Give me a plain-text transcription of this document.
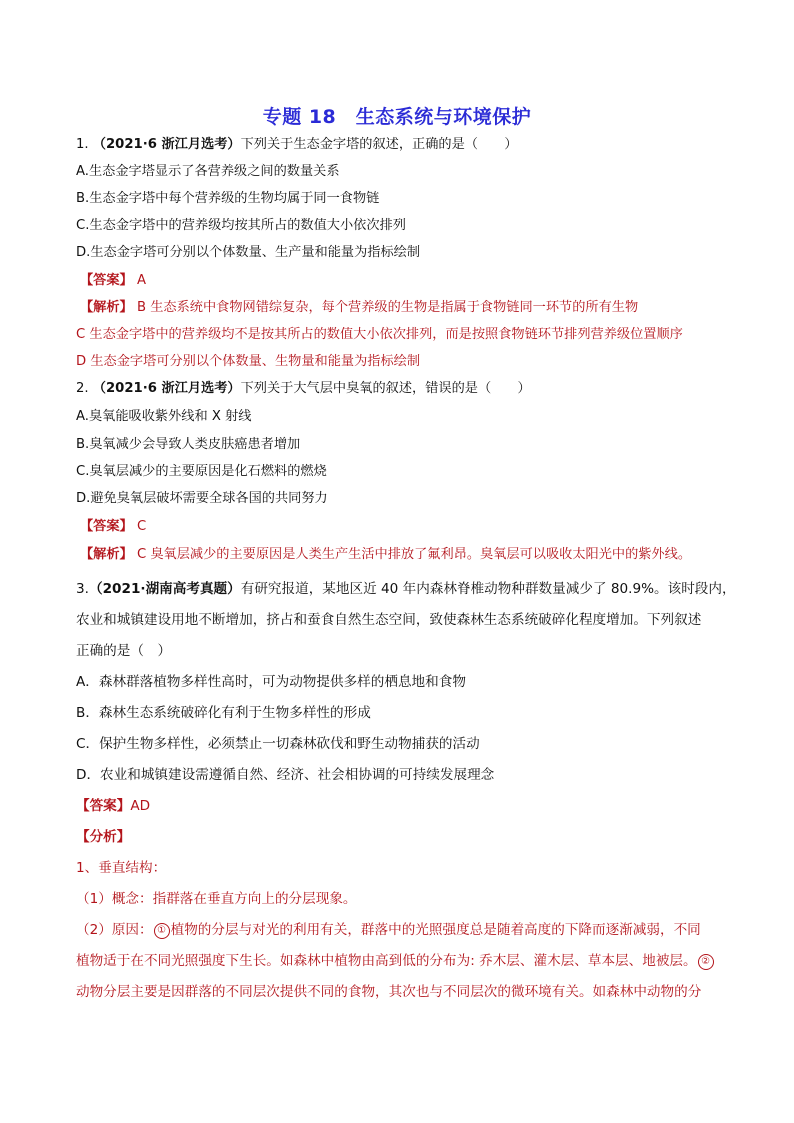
专题 18　生态系统与环境保护
1. （2021·6 浙江月选考）下列关于生态金字塔的叙述，正确的是（　　）
A.生态金字塔显示了各营养级之间的数量关系
B.生态金字塔中每个营养级的生物均属于同一食物链
C.生态金字塔中的营养级均按其所占的数值大小依次排列
D.生态金字塔可分别以个体数量、生产量和能量为指标绘制
【答案】 A
【解析】 B 生态系统中食物网错综复杂，每个营养级的生物是指属于食物链同一环节的所有生物
C 生态金字塔中的营养级均不是按其所占的数值大小依次排列，而是按照食物链环节排列营养级位置顺序
D 生态金字塔可分别以个体数量、生物量和能量为指标绘制
2. （2021·6 浙江月选考）下列关于大气层中臭氧的叙述，错误的是（　　）
A.臭氧能吸收紫外线和 X 射线
B.臭氧减少会导致人类皮肤癌患者增加
C.臭氧层减少的主要原因是化石燃料的燃烧
D.避免臭氧层破坏需要全球各国的共同努力
【答案】 C
【解析】 C 臭氧层减少的主要原因是人类生产生活中排放了氟利昂。臭氧层可以吸收太阳光中的紫外线。
3.（2021·湖南高考真题）有研究报道，某地区近 40 年内森林脊椎动物种群数量减少了 80.9%。该时段内，
农业和城镇建设用地不断增加，挤占和蚕食自然生态空间，致使森林生态系统破碎化程度增加。下列叙述
正确的是（　）
A．森林群落植物多样性高时，可为动物提供多样的栖息地和食物
B．森林生态系统破碎化有利于生物多样性的形成
C．保护生物多样性，必须禁止一切森林砍伐和野生动物捕获的活动
D．农业和城镇建设需遵循自然、经济、社会相协调的可持续发展理念
【答案】AD
【分析】
1、垂直结构：
（1）概念：指群落在垂直方向上的分层现象。
（2）原因： ① 植物的分层与对光的利用有关，群落中的光照强度总是随着高度的下降而逐渐减弱，不同
植物适于在不同光照强度下生长。如森林中植物由高到低的分布为: 乔木层、灌木层、草本层、地被层。 ②
动物分层主要是因群落的不同层次提供不同的食物，其次也与不同层次的微环境有关。如森林中动物的分
